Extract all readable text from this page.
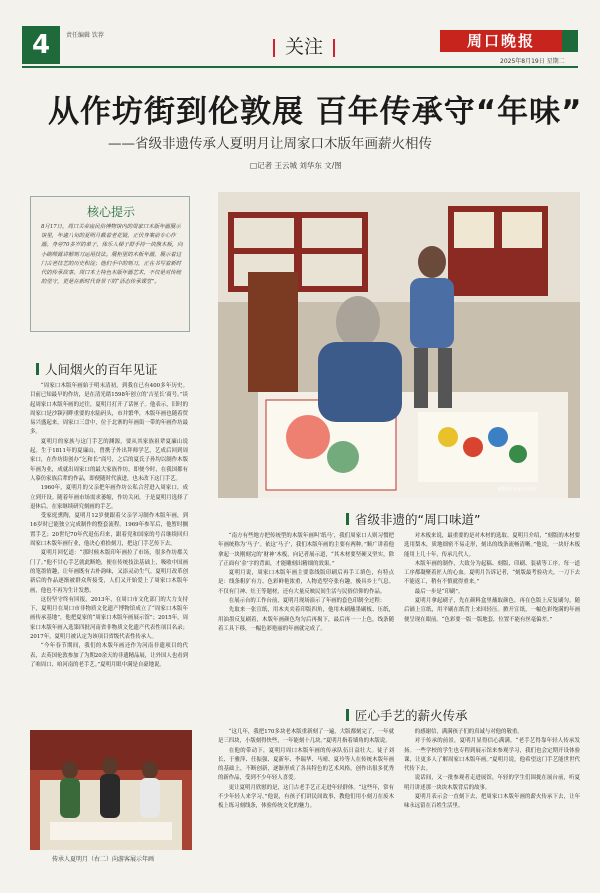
4	责任编辑 饮荐
关注	周口晚报
2025年8月19日 星期二
从作坊街到伦敦展 百年传承守“年味”
——省级非遗传承人夏明月让周家口木版年画薪火相传
□记者 王云城 刘华东 文/图
核心提示
8月17日，周口关帝庙民俗博物馆内的周家口木版年画展示馆里，年逾八旬的夏明月戴着老花镜，正伏身案前专心作画。身旁70多岁的弟子，体乐人梯子群手持一块熊木板，向小刷师露讲解刻刀运用技法。展柜里的木板年画，展示着这门古老技艺的历史积淀；他们手中的刻刀，正在书写着新时代的传承故事。周口本土特色木版年画艺术，不仅是对传统的坚守，更是在新时代背景下的“活态传承课堂”。
人间烟火的百年见证

“周家口木版年画始于明末清初，到我在已有400多年历史。目前已知最早的作坊，是在清光绪1598年创立的‘吉星长’商号。”谈起周家口木版年画的过往，夏明月打开了话匣子。他表示，旧时的周家口是沙颍河畔重要的水陆码头，市井繁华，木版年画也随着贸易兴盛起来。周家口三盘中，位于北寨的年画街一带的年画作坊最多。

夏明月的家族与这门手艺的渊源，要从其家族祖辈夏廉山说起。生于1811年的夏廉山，曾携子外出拜师学艺，艺成后回到周家口，在作坊街创办“乞和长”商号，之后的夏氏子孙均以制作木版年画为业，成就出周家口的最大家族作坊，即便今时，在我国都有人摹仿家族后辈的作品，即便随时代演进，也未改下这门手艺。

1960年，夏明月的父亲把年画作坊公私合营进入周家口，成立到开设。随着年画市场需求萎缩，作坊关闭，于是夏明月选择了退休后，在家继续研究刻画的手艺。

受家庭熏陶，夏明月12岁便跟着父亲学习制作木版年画，到16岁时已能独立完成制作的整套流程。1969年参军后，他暂时搁置手艺；20世纪70年代退伍归来，跟着党和国家的号召继续回归周家口木版年画行业，他决心重拾刻刀，把这门手艺传下去。

夏明月回忆道：“那时候木版印年画拉了市场，很多作坊都关门了。”他不甘心手艺就此断绝，便在传统技法基础上，吸收中国画的笔墨情趣，让年画既有古朴韵味，又添灵动生气。夏明月改革创新后的作品逐渐被群众所接受，人们又开始爱上了周家口木版年画，他也不再为生计发愁。

这份坚守终有回报。2013年，在周口市文化部门的大力支持下，夏明月在周口市非物质文化遗产博物馆成立了“周家口木版年画传承基地”，他把夏家的“周家口木版年画展示馆”；2015年，周家口木版年画入选第四批河南省非物质文化遗产代表性项目名录；2017年，夏明月被认定为该项目省级代表性传承人。

“今年春节期间，我们的木版年画还作为河南非遗项目的代表，去英国伦敦参加了为期20余天的非遗精品展，让外国人也看到了咱周口、咱河南的老手艺。”夏明月眼中满是自豪地说。

夏明月为弟子示范
省级非遗的“周口味道”

“南方有些地方把传统型的木版年画叫‘纸马’，我们周家口人则习惯把年画统称为‘马子’。依这‘马子’，我们木版年画的主要有两种。”顺广讲着他拿起一块刚刻完的‘财神’木板，向记者展示道，“其木材要坚硬又坚实，除了正面有‘金’字的背面，才能雕刻出精细的效果。”

夏明月说，周家口木版年画主要靠线版印刷后再手工填色，有特点是：线条粗犷有力、色彩鲜艳浓重，人物造型夸张有趣，极具乡土气息。不仅有门神、灶王等题材，还有大量反映民间生活与民俗信仰的作品。

在展示台的工作台前，夏明月现场演示了年画的套色印制全过程：

先取来一张宣纸，用木夹夹着印版四角，他用木刷蘸墨刷板、压纸，用油墨反复刷着，木版年画颜色均匀后再揭下，最后再一一上色，线条随着工具下移，一幅色彩艳丽的年画就完成了。

对木板来说，最重要的是对木材的选取。夏明月介绍，“刻版的木材要选用梨木，质地细密不易走形，刻出的线条流畅清晰。”他说，一块好木板能用上几十年，传承几代人。

木版年画的制作，大致分为起稿、刻版、印刷、装裱等工序。每一道工序都凝聚着匠人的心血。夏明月告诉记者，“刻版最考验功夫，一刀下去不能返工，稍有不慎就得重来。”

最后一步是“印刷”。

夏明月拿起刷子，先在颜料盒里蘸取颜色，再在色版上反复刷匀，随后铺上宣纸，用平刷在纸背上来回轻压。掀开宣纸，一幅色彩饱满的年画便呈现在眼前。“色彩要一版一版地套，位置不能有丝毫偏差。”

匠心手艺的薪火传承

“这几年，我把170多块老木版重新刻了一遍，大版都刻完了，一年就是三四块，小版刻得快些，一年能刻十几块。”夏明月指着墙角的木版说。

在他的带动下，夏明月周口木版年画的传承队伍日益壮大。徒子刘长、于雅萍、任振强、夏新年、李瑞华、马晴、夏玲等人在传统木版年画的基础上，不断创新，逐渐形成了各具特色的艺术风格，创作出很多优秀的新作品，受到不少年轻人喜爱。

更让夏明月欣慰的是，这门古老手艺正走进年轻群体。“这些年，常有不少年轻人来学习。”他说，有孩子们讲民间故事，教他们用小刻刀在废木板上练习刻线条，体验传统文化的魅力。

的感谢信，满满孩子们的真诚与对他的敬重。

对于传承的前景，夏明月显得信心满满。“老手艺得靠年轻人传承发扬。一些学校的学生也专程到展示馆来参观学习，我们也会定期开设体验课，让更多人了解周家口木版年画。”夏明月说，他希望这门手艺能世世代代传下去。

说话间，又一批参观者走进展馆，年轻的学生们围拢在展台前，听夏明月讲述那一块块木版背后的故事。

夏明月表示会一直刻下去，把周家口木版年画的薪火传承下去，让年味永远留在百姓生活里。

传承人夏明月（右二）向游客展示年画
